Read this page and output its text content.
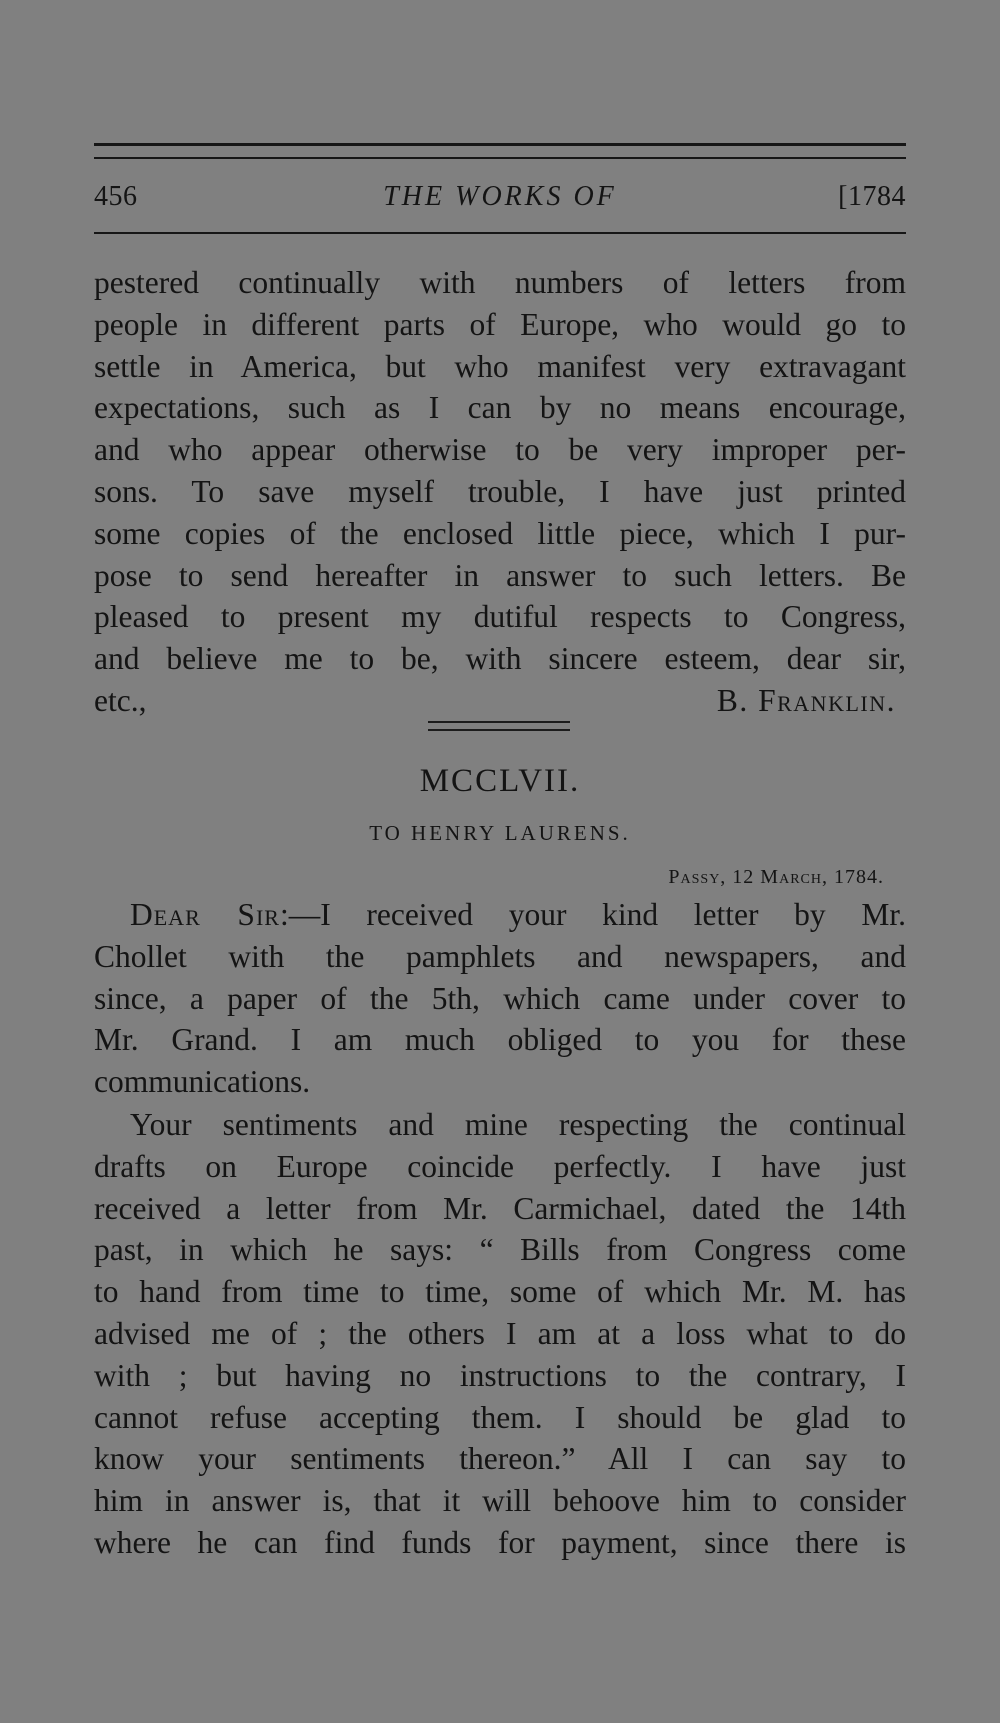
456	THE WORKS OF	[1784
pestered continually with numbers of letters from
people in different parts of Europe, who would go to
settle in America, but who manifest very extravagant
expectations, such as I can by no means encourage,
and who appear otherwise to be very improper per-
sons. To save myself trouble, I have just printed
some copies of the enclosed little piece, which I pur-
pose to send hereafter in answer to such letters. Be
pleased to present my dutiful respects to Congress,
and believe me to be, with sincere esteem, dear sir,
etc.,	B. Franklin.
MCCLVII.
TO HENRY LAURENS.
Passy, 12 March, 1784.
Dear Sir:—I received your kind letter by Mr.
Chollet with the pamphlets and newspapers, and
since, a paper of the 5th, which came under cover to
Mr. Grand. I am much obliged to you for these
communications.
Your sentiments and mine respecting the continual
drafts on Europe coincide perfectly. I have just
received a letter from Mr. Carmichael, dated the 14th
past, in which he says: “ Bills from Congress come
to hand from time to time, some of which Mr. M. has
advised me of ; the others I am at a loss what to do
with ; but having no instructions to the contrary, I
cannot refuse accepting them. I should be glad to
know your sentiments thereon.” All I can say to
him in answer is, that it will behoove him to consider
where he can find funds for payment, since there is
